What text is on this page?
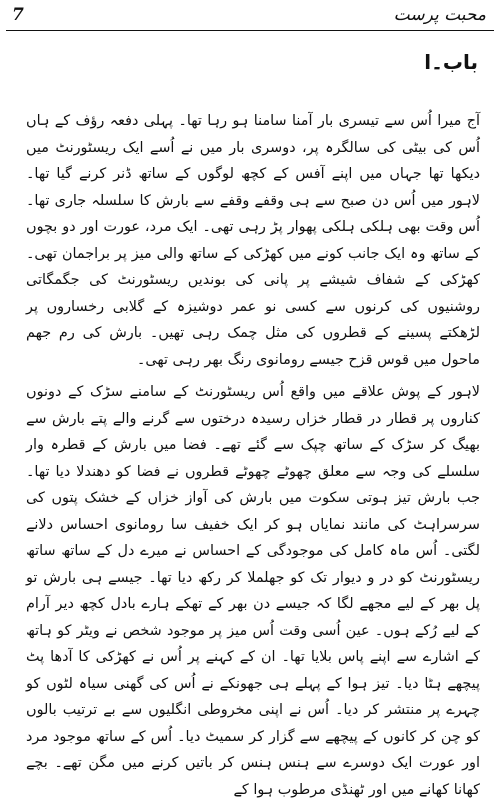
7	محبت پرست
باب۔ا

آج میرا اُس سے تیسری بار آمنا سامنا ہو رہا تھا۔ پہلی دفعہ رؤف کے ہاں اُس کی بیٹی کی سالگرہ پر، دوسری بار میں نے اُسے ایک ریسٹورنٹ میں دیکھا تھا جہاں میں اپنے آفس کے کچھ لوگوں کے ساتھ ڈنر کرنے گیا تھا۔ لاہور میں اُس دن صبح سے ہی وقفے وقفے سے بارش کا سلسلہ جاری تھا۔ اُس وقت بھی ہلکی ہلکی پھوار پڑ رہی تھی۔ ایک مرد، عورت اور دو بچوں کے ساتھ وہ ایک جانب کونے میں کھڑکی کے ساتھ والی میز پر براجمان تھی۔ کھڑکی کے شفاف شیشے پر پانی کی بوندیں ریسٹورنٹ کی جگمگاتی روشنیوں کی کرنوں سے کسی نو عمر دوشیزہ کے گلابی رخساروں پر لڑھکتے پسینے کے قطروں کی مثل چمک رہی تھیں۔ بارش کی رم جھم ماحول میں قوس قزح جیسے رومانوی رنگ بھر رہی تھی۔

لاہور کے پوش علاقے میں واقع اُس ریسٹورنٹ کے سامنے سڑک کے دونوں کناروں پر قطار در قطار خزاں رسیدہ درختوں سے گرنے والے پتے بارش سے بھیگ کر سڑک کے ساتھ چپک سے گئے تھے۔ فضا میں بارش کے قطرہ وار سلسلے کی وجہ سے معلق چھوٹے چھوٹے قطروں نے فضا کو دھندلا دیا تھا۔ جب بارش تیز ہوتی سکوت میں بارش کی آواز خزاں کے خشک پتوں کی سرسراہٹ کی مانند نمایاں ہو کر ایک خفیف سا رومانوی احساس دلانے لگتی۔ اُس ماہ کامل کی موجودگی کے احساس نے میرے دل کے ساتھ ساتھ ریسٹورنٹ کو در و دیوار تک کو جھلملا کر رکھ دیا تھا۔ جیسے ہی بارش تو پل بھر کے لیے مجھے لگا کہ جیسے دن بھر کے تھکے ہارے بادل کچھ دیر آرام کے لیے رُکے ہوں۔ عین اُسی وقت اُس میز پر موجود شخص نے ویٹر کو ہاتھ کے اشارے سے اپنے پاس بلایا تھا۔ ان کے کہنے پر اُس نے کھڑکی کا آدھا پٹ پیچھے ہٹا دیا۔ تیز ہوا کے پہلے ہی جھونکے نے اُس کی گھنی سیاہ لٹوں کو چہرے پر منتشر کر دیا۔ اُس نے اپنی مخروطی انگلیوں سے بے ترتیب بالوں کو چن کر کانوں کے پیچھے سے گزار کر سمیٹ دیا۔ اُس کے ساتھ موجود مرد اور عورت ایک دوسرے سے ہنس ہنس کر باتیں کرنے میں مگن تھے۔ بچے کھانا کھانے میں اور ٹھنڈی مرطوب ہوا کے
